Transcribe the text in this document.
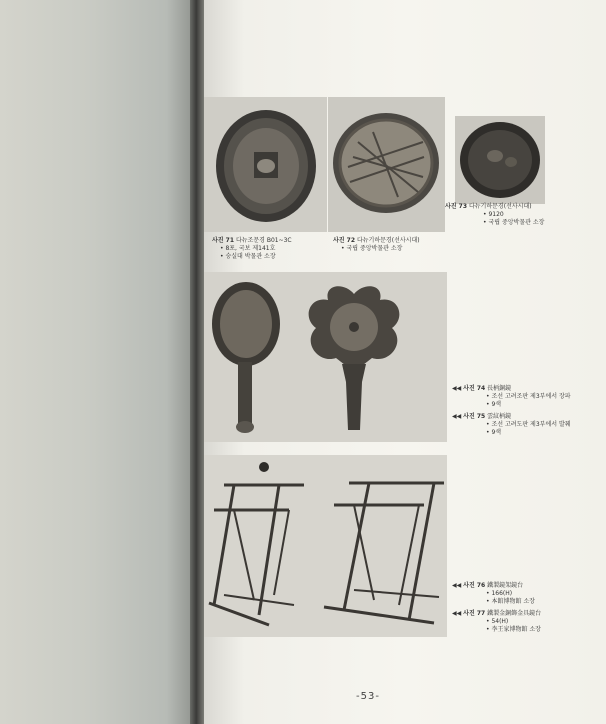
사진 71 다뉴조문경 B01~3C
• 8포, 국보 제141호
• 숭실대 박물관 소장
사진 72 다뉴기하문경(선사시대)
• 국립 중앙박물관 소장
사진 73 다뉴기하문경(선사시대)
• 9120
• 국립 중앙박물관 소장
◀◀ 사진 74 長柄銅鏡
• 조선 고려조판 제3부에서 장파
• 9색
◀◀ 사진 75 雲紋柄鏡
• 조선 고려도판 제3부에서 발췌
• 9색
◀◀ 사진 76 鐵製鏡架鏡台
• 166(H)
• 本館博物館 소장
◀◀ 사진 77 鐵製金銅飾金具鏡台
• 54(H)
• 李王家博物館 소장
-53-
